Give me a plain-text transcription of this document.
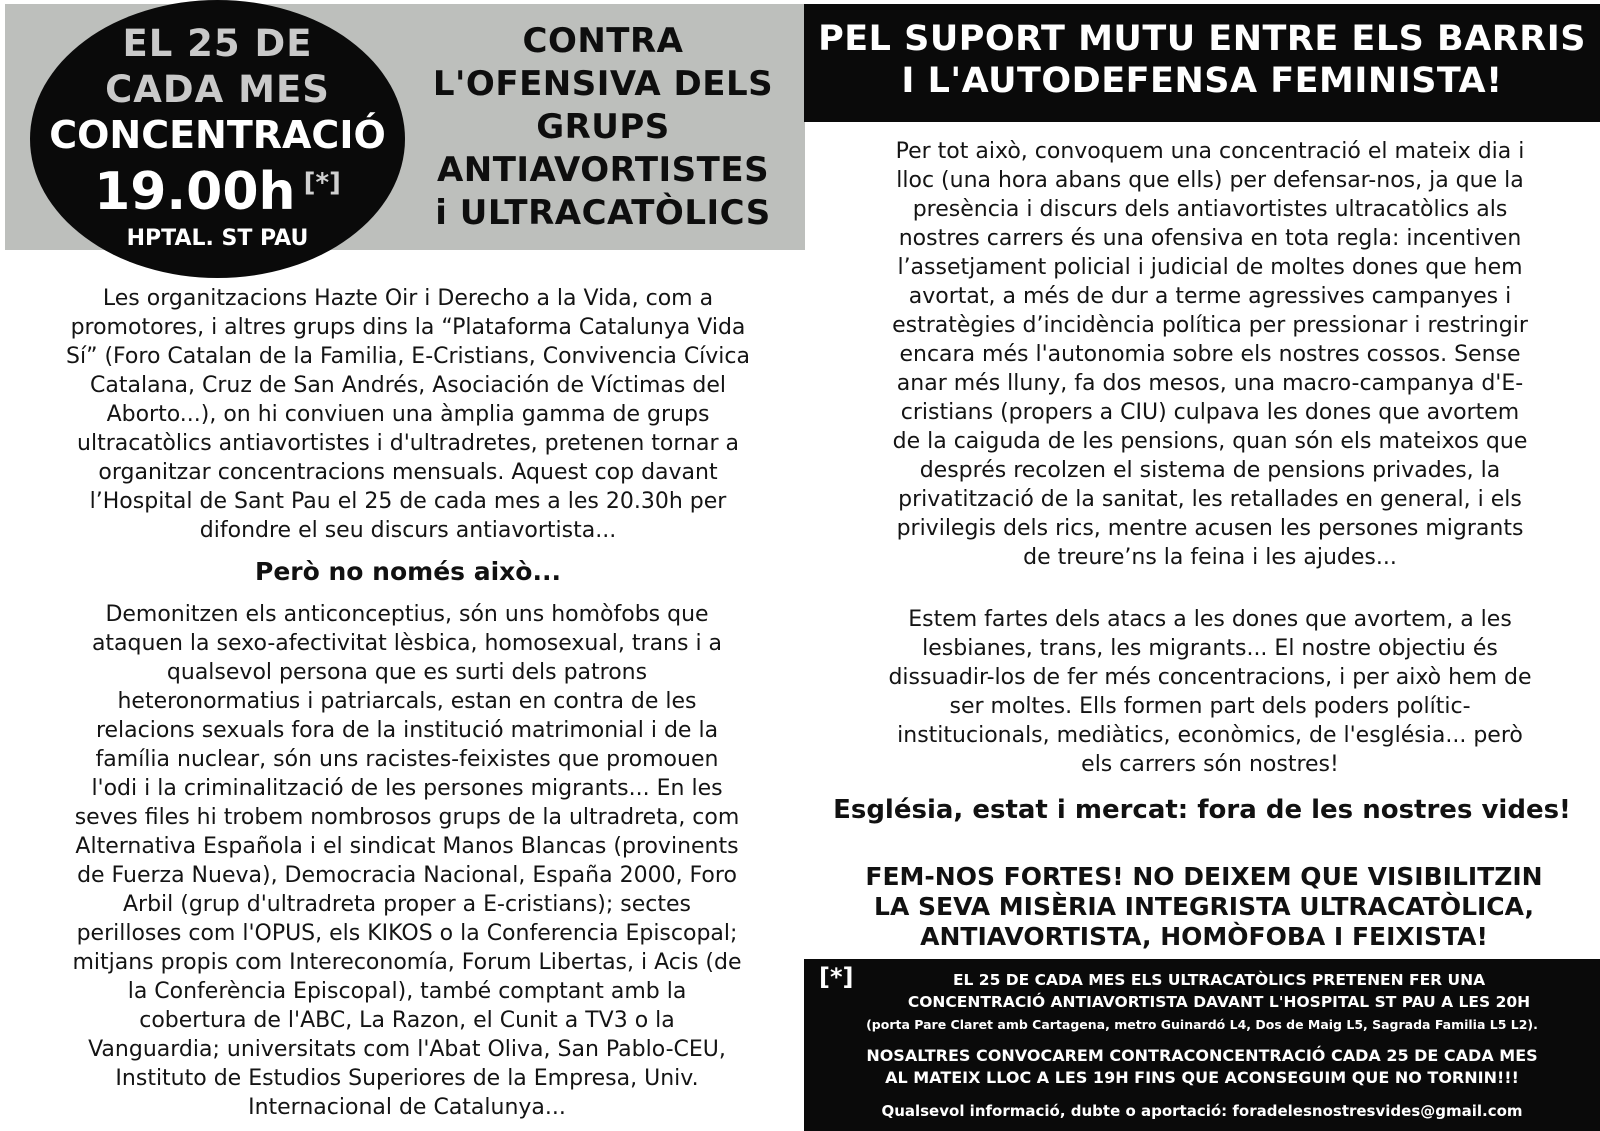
EL 25 DE
CADA MES
CONCENTRACIÓ
19.00h [*]
HPTAL. ST PAU
CONTRA
L'OFENSIVA DELS
GRUPS
ANTIAVORTISTES
i ULTRACATÒLICS
PEL SUPORT MUTU ENTRE ELS BARRIS
I L'AUTODEFENSA FEMINISTA!
Les organitzacions Hazte Oir i Derecho a la Vida, com a
promotores, i altres grups dins la “Plataforma Catalunya Vida
Sí” (Foro Catalan de la Familia, E-Cristians, Convivencia Cívica
Catalana, Cruz de San Andrés, Asociación de Víctimas del
Aborto...), on hi conviuen una àmplia gamma de grups
ultracatòlics antiavortistes i d'ultradretes, pretenen tornar a
organitzar concentracions mensuals. Aquest cop davant
l’Hospital de Sant Pau el 25 de cada mes a les 20.30h per
difondre el seu discurs antiavortista...
Però no només això...
Demonitzen els anticonceptius, són uns homòfobs que
ataquen la sexo-afectivitat lèsbica, homosexual, trans i a
qualsevol persona que es surti dels patrons
heteronormatius i patriarcals, estan en contra de les
relacions sexuals fora de la institució matrimonial i de la
família nuclear, són uns racistes-feixistes que promouen
l'odi i la criminalització de les persones migrants... En les
seves files hi trobem nombrosos grups de la ultradreta, com
Alternativa Española i el sindicat Manos Blancas (provinents
de Fuerza Nueva), Democracia Nacional, España 2000, Foro
Arbil (grup d'ultradreta proper a E-cristians); sectes
perilloses com l'OPUS, els KIKOS o la Conferencia Episcopal;
mitjans propis com Intereconomía, Forum Libertas, i Acis (de
la Conferència Episcopal), també comptant amb la
cobertura de l'ABC, La Razon, el Cunit a TV3 o la
Vanguardia; universitats com l'Abat Oliva, San Pablo-CEU,
Instituto de Estudios Superiores de la Empresa, Univ.
Internacional de Catalunya...
Per tot això, convoquem una concentració el mateix dia i
lloc (una hora abans que ells) per defensar-nos, ja que la
presència i discurs dels antiavortistes ultracatòlics als
nostres carrers és una ofensiva en tota regla: incentiven
l’assetjament policial i judicial de moltes dones que hem
avortat, a més de dur a terme agressives campanyes i
estratègies d’incidència política per pressionar i restringir
encara més l'autonomia sobre els nostres cossos. Sense
anar més lluny, fa dos mesos, una macro-campanya d'E-
cristians (propers a CIU) culpava les dones que avortem
de la caiguda de les pensions, quan són els mateixos que
després recolzen el sistema de pensions privades, la
privatització de la sanitat, les retallades en general, i els
privilegis dels rics, mentre acusen les persones migrants
de treure’ns la feina i les ajudes...
Estem fartes dels atacs a les dones que avortem, a les
lesbianes, trans, les migrants... El nostre objectiu és
dissuadir-los de fer més concentracions, i per això hem de
ser moltes. Ells formen part dels poders polític-
institucionals, mediàtics, econòmics, de l'església... però
els carrers són nostres!
Església, estat i mercat: fora de les nostres vides!
FEM-NOS FORTES! NO DEIXEM QUE VISIBILITZIN
LA SEVA MISÈRIA INTEGRISTA ULTRACATÒLICA,
ANTIAVORTISTA, HOMÒFOBA I FEIXISTA!
[*]	EL 25 DE CADA MES ELS ULTRACATÒLICS PRETENEN FER UNA
CONCENTRACIÓ ANTIAVORTISTA DAVANT L'HOSPITAL ST PAU A LES 20H
(porta Pare Claret amb Cartagena, metro Guinardó L4, Dos de Maig L5, Sagrada Familia L5 L2).
NOSALTRES CONVOCAREM CONTRACONCENTRACIÓ CADA 25 DE CADA MES
AL MATEIX LLOC A LES 19H FINS QUE ACONSEGUIM QUE NO TORNIN!!!
Qualsevol informació, dubte o aportació: foradelesnostresvides@gmail.com
